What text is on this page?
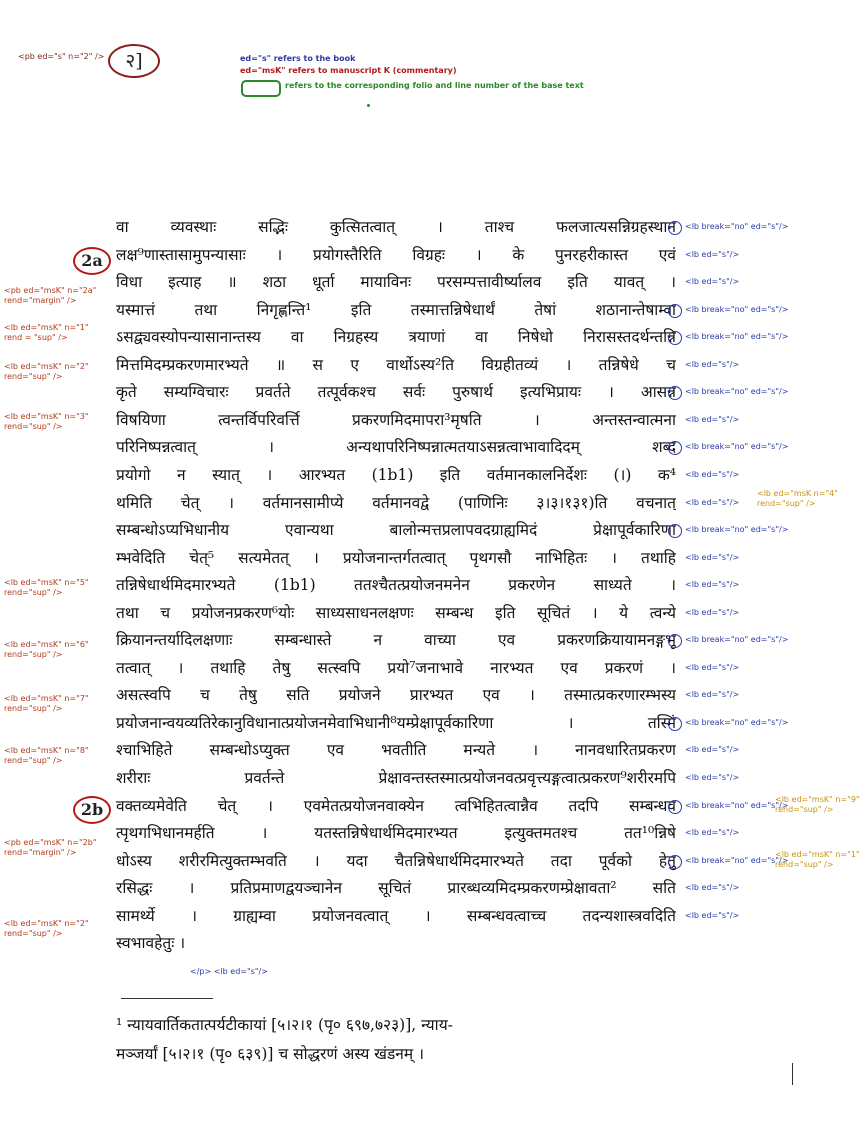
<pb ed="s" n="2" />	२]	ed="s" refers to the book
ed="msK" refers to manuscript K (commentary)
refers to the corresponding folio and line number of the base text
वा व्यवस्थाः सद्भिः कुत्सितत्वात् । ताश्च फलजात्यसन्निग्रहस्थान <lb break="no" ed="s"/>
लक्ष⁹णास्तासामुपन्यासाः । प्रयोगस्तैरिति विग्रहः । के पुनरहरीकास्त एवं <lb ed="s"/>
विधा इत्याह ॥ शठा धूर्ता मायाविनः परसम्पत्तावीर्ष्यालव इति यावत् । <lb ed="s"/>
यस्मात्तं तथा निगृह्णन्ति¹ इति तस्मात्तन्निषेधार्थं तेषां शठानान्तेषाम्वा <lb break="no" ed="s"/>
ऽसद्व्यवस्योपन्यासानान्तस्य वा निग्रहस्य त्रयाणां वा निषेधो निरासस्तदर्थन्तन्नि <lb break="no" ed="s"/>
मित्तमिदम्प्रकरणमारभ्यते ॥ स ए वार्थोऽस्य²ति विग्रहीतव्यं । तन्निषेधे च <lb ed="s"/>
कृते सम्यग्विचारः प्रवर्तते तत्पूर्वकश्च सर्वः पुरुषार्थ इत्यभिप्रायः । आसन्न <lb break="no" ed="s"/>
विषयिणा त्वन्तर्विपरिवर्त्ति प्रकरणमिदमापरा³मृषति । अन्तस्तन्वात्मना <lb ed="s"/>
परिनिष्पन्नत्वात् । अन्यथापरिनिष्पन्नात्मतयाऽसन्नत्वाभावादिदम् शब्द <lb break="no" ed="s"/>
प्रयोगो न स्यात् । आरभ्यत (1b1) इति वर्तमानकालनिर्देशः (।) क⁴ <lb ed="s"/>
थमिति चेत् । वर्तमानसामीप्ये वर्तमानवद्वे (पाणिनिः ३।३।१३१)ति वचनात् <lb ed="s"/>
सम्बन्धोऽप्यभिधानीय एवान्यथा बालोन्मत्तप्रलापवदग्राह्यमिदं प्रेक्षापूर्वकारिणा <lb break="no" ed="s"/>
म्भवेदिति चेत्⁵ सत्यमेतत् । प्रयोजनान्तर्गतत्वात् पृथगसौ नाभिहितः । तथाहि <lb ed="s"/>
तन्निषेधार्थमिदमारभ्यते (1b1) ततश्चैतत्प्रयोजनमनेन प्रकरणेन साध्यते । <lb ed="s"/>
तथा च प्रयोजनप्रकरण⁶योः साध्यसाधनलक्षणः सम्बन्ध इति सूचितं । ये त्वन्ये <lb ed="s"/>
क्रियानन्तर्यादिलक्षणाः सम्बन्धास्ते न वाच्या एव प्रकरणक्रियायामनङ्गभू <lb break="no" ed="s"/>
तत्वात् । तथाहि तेषु सत्स्वपि प्रयो⁷जनाभावे नारभ्यत एव प्रकरणं । <lb ed="s"/>
असत्स्वपि च तेषु सति प्रयोजने प्रारभ्यत एव । तस्मात्प्रकरणारम्भस्य <lb ed="s"/>
प्रयोजनान्वयव्यतिरेकानुविधानात्प्रयोजनमेवाभिधानी⁸यम्प्रेक्षापूर्वकारिणा । तस्मिं <lb break="no" ed="s"/>
श्चाभिहिते सम्बन्धोऽप्युक्त एव भवतीति मन्यते । नानवधारितप्रकरण <lb ed="s"/>
शरीराः प्रवर्तन्ते प्रेक्षावन्तस्तस्मात्प्रयोजनवत्प्रवृत्त्यङ्गत्वात्प्रकरण⁹शरीरमपि <lb ed="s"/>
वक्तव्यमेवेति चेत् । एवमेतत्प्रयोजनवाक्येन त्वभिहितत्वान्नैव तदपि सम्बन्धव <lb break="no" ed="s"/>
त्पृथगभिधानमर्हति । यतस्तन्निषेधार्थमिदमारभ्यत इत्युक्तमतश्च तत¹⁰न्निषे <lb ed="s"/>
धोऽस्य शरीरमित्युक्तम्भवति । यदा चैतन्निषेधार्थमिदमारभ्यते तदा पूर्वको हेतु <lb break="no" ed="s"/>
रसिद्धः । प्रतिप्रमाणद्वयञ्चानेन सूचितं प्रारब्धव्यमिदम्प्रकरणम्प्रेक्षावता² सति <lb ed="s"/>
सामर्थ्ये । ग्राह्यम्वा प्रयोजनवत्वात् । सम्बन्धवत्वाच्च तदन्यशास्त्रवदिति <lb ed="s"/>
स्वभावहेतुः ।
2a
2b
<pb ed="msK" n="2a"
rend="margin" />
<lb ed="msK" n="1"
rend = "sup" />
<lb ed="msK" n="2"
rend="sup" />
<lb ed="msK" n="3"
rend="sup" />
<lb ed="msK" n="5"
rend="sup" />
<lb ed="msK" n="6"
rend="sup" />
<lb ed="msK" n="7"
rend="sup" />
<lb ed="msK" n="8"
rend="sup" />
<pb ed="msK" n="2b"
rend="margin" />
<lb ed="msK" n="2"
rend="sup" />
<lb ed="msK n="4"
rend="sup" />
<lb ed="msK" n="9"
rend="sup" />
<lb ed="msK" n="1"
rend="sup" />
</p> <lb ed="s"/>
¹ न्यायवार्तिकतात्पर्यटीकायां [५।२।१ (पृ० ६९७,७२३)], न्याय-
मञ्जर्यां [५।२।१ (पृ० ६३९)] च सोद्धरणं अस्य खंडनम् ।
